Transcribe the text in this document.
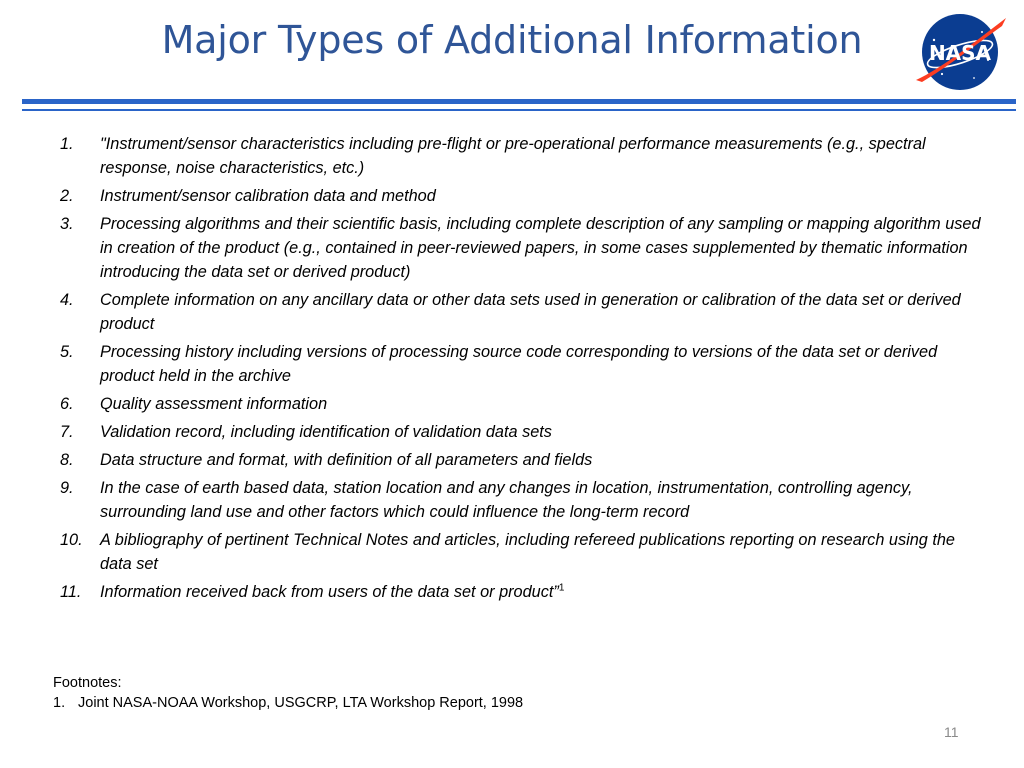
Major Types of Additional Information	NASA
1. "Instrument/sensor characteristics including pre-flight or pre-operational performance measurements (e.g., spectral response, noise characteristics, etc.)
2. Instrument/sensor calibration data and method
3. Processing algorithms and their scientific basis, including complete description of any sampling or mapping algorithm used in creation of the product (e.g., contained in peer-reviewed papers, in some cases supplemented by thematic information introducing the data set or derived product)
4. Complete information on any ancillary data or other data sets used in generation or calibration of the data set or derived product
5. Processing history including versions of processing source code corresponding to versions of the data set or derived product held in the archive
6. Quality assessment information
7. Validation record, including identification of validation data sets
8. Data structure and format, with definition of all parameters and fields
9. In the case of earth based data, station location and any changes in location, instrumentation, controlling agency, surrounding land use and other factors which could influence the long-term record
10. A bibliography of pertinent Technical Notes and articles, including refereed publications reporting on research using the data set
11. Information received back from users of the data set or product”$^1$
Footnotes:
1. Joint NASA-NOAA Workshop, USGCRP, LTA Workshop Report, 1998
11
